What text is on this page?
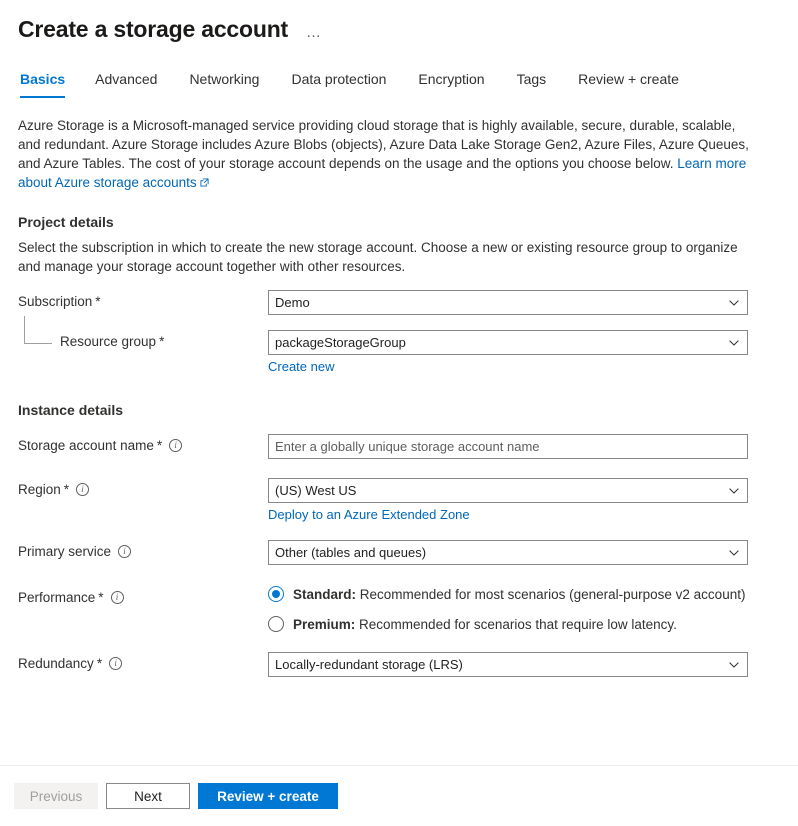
Create a storage account …
Basics	Advanced	Networking	Data protection	Encryption	Tags	Review + create
Azure Storage is a Microsoft-managed service providing cloud storage that is highly available, secure, durable, scalable, and redundant. Azure Storage includes Azure Blobs (objects), Azure Data Lake Storage Gen2, Azure Files, Azure Queues, and Azure Tables. The cost of your storage account depends on the usage and the options you choose below. Learn more about Azure storage accounts
Project details
Select the subscription in which to create the new storage account. Choose a new or existing resource group to organize and manage your storage account together with other resources.
Subscription *	Demo
Resource group *	packageStorageGroup
Create new
Instance details
Storage account name *	i	Enter a globally unique storage account name
Region *	i	(US) West US
Deploy to an Azure Extended Zone
Primary service	i	Other (tables and queues)
Performance *	i	Standard: Recommended for most scenarios (general-purpose v2 account)
Premium: Recommended for scenarios that require low latency.
Redundancy *	i	Locally-redundant storage (LRS)
Previous	Next	Review + create
